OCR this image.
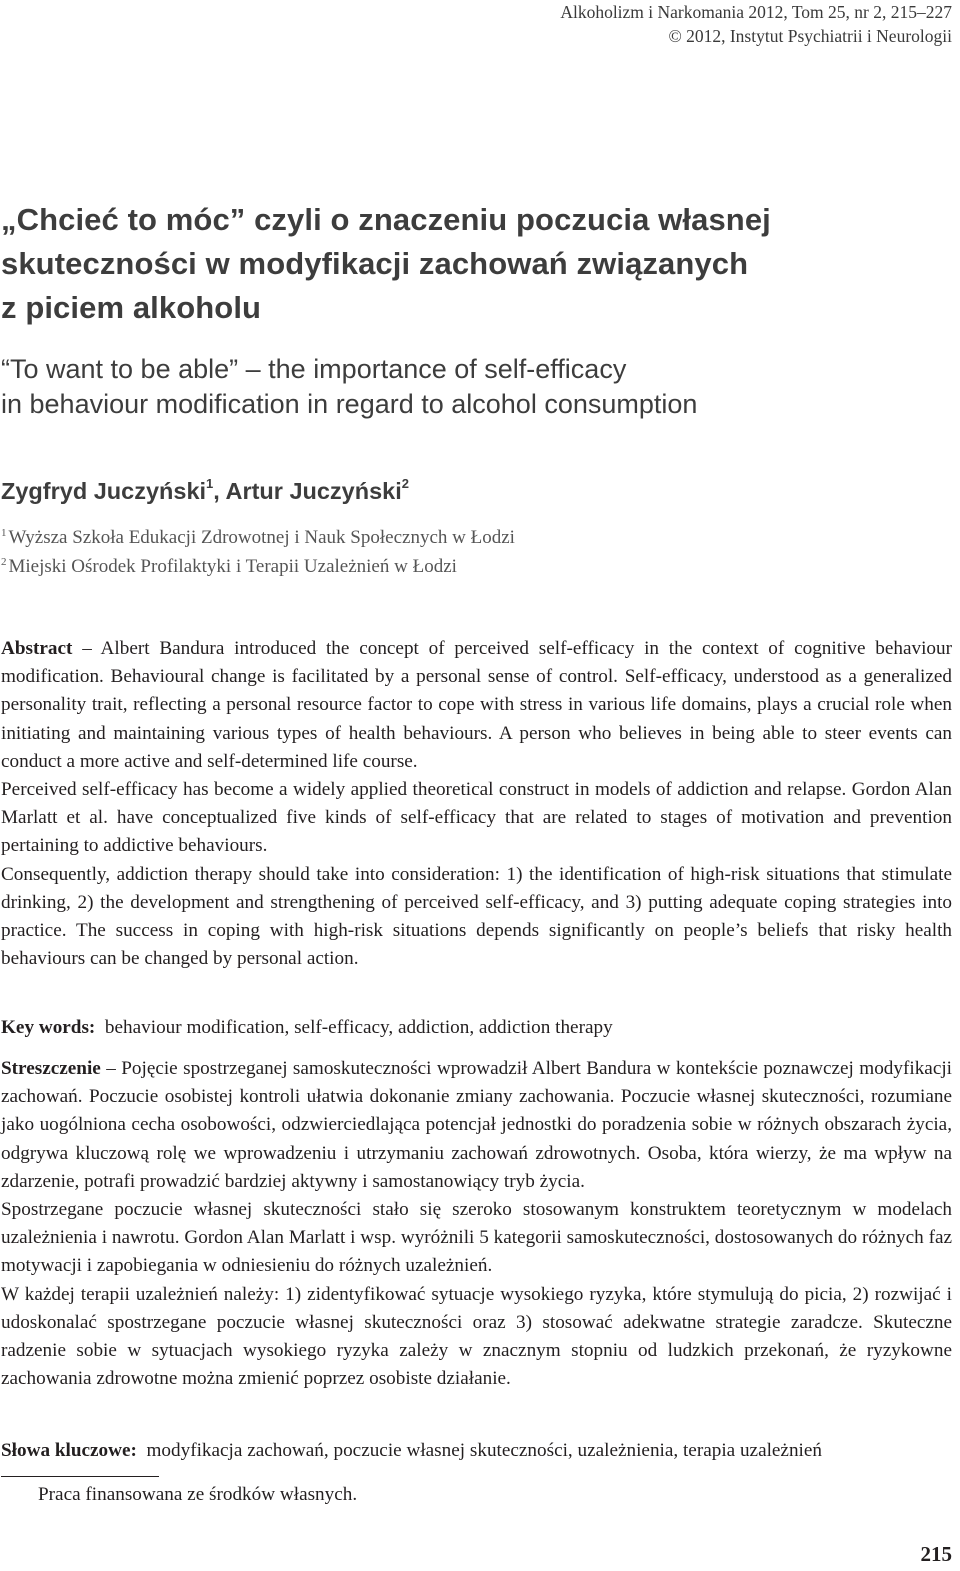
Alkoholizm i Narkomania 2012, Tom 25, nr 2, 215–227
© 2012, Instytut Psychiatrii i Neurologii
„Chcieć to móc” czyli o znaczeniu poczucia własnej
skuteczności w modyfikacji zachowań związanych
z piciem alkoholu
“To want to be able” – the importance of self-efficacy
in behaviour modification in regard to alcohol consumption
Zygfryd Juczyński$^1$, Artur Juczyński$^2$
$^1$ Wyższa Szkoła Edukacji Zdrowotnej i Nauk Społecznych w Łodzi
$^2$ Miejski Ośrodek Profilaktyki i Terapii Uzależnień w Łodzi

Abstract – Albert Bandura introduced the concept of perceived self-efficacy in the context of cognitive behaviour modification. Behavioural change is facilitated by a personal sense of control. Self-efficacy, understood as a generalized personality trait, reflecting a personal resource factor to cope with stress in various life domains, plays a crucial role when initiating and maintaining various types of health behaviours. A person who believes in being able to steer events can conduct a more active and self-determined life course.

Perceived self-efficacy has become a widely applied theoretical construct in models of addiction and relapse. Gordon Alan Marlatt et al. have conceptualized five kinds of self-efficacy that are related to stages of motivation and prevention pertaining to addictive behaviours.

Consequently, addiction therapy should take into consideration: 1) the identification of high-risk situations that stimulate drinking, 2) the development and strengthening of perceived self-efficacy, and 3) putting adequate coping strategies into practice. The success in coping with high-risk situations depends significantly on people’s beliefs that risky health behaviours can be changed by personal action.

Key words: behaviour modification, self-efficacy, addiction, addiction therapy

Streszczenie – Pojęcie spostrzeganej samoskuteczności wprowadził Albert Bandura w kontekście poznawczej modyfikacji zachowań. Poczucie osobistej kontroli ułatwia dokonanie zmiany zachowania. Poczucie własnej skuteczności, rozumiane jako uogólniona cecha osobowości, odzwierciedlająca potencjał jednostki do poradzenia sobie w różnych obszarach życia, odgrywa kluczową rolę we wprowadzeniu i utrzymaniu zachowań zdrowotnych. Osoba, która wierzy, że ma wpływ na zdarzenie, potrafi prowadzić bardziej aktywny i samostanowiący tryb życia.

Spostrzegane poczucie własnej skuteczności stało się szeroko stosowanym konstruktem teoretycznym w modelach uzależnienia i nawrotu. Gordon Alan Marlatt i wsp. wyróżnili 5 kategorii samoskuteczności, dostosowanych do różnych faz motywacji i zapobiegania w odniesieniu do różnych uzależnień.

W każdej terapii uzależnień należy: 1) zidentyfikować sytuacje wysokiego ryzyka, które stymulują do picia, 2) rozwijać i udoskonalać spostrzegane poczucie własnej skuteczności oraz 3) stosować adekwatne strategie zaradcze. Skuteczne radzenie sobie w sytuacjach wysokiego ryzyka zależy w znacznym stopniu od ludzkich przekonań, że ryzykowne zachowania zdrowotne można zmienić poprzez osobiste działanie.

Słowa kluczowe: modyfikacja zachowań, poczucie własnej skuteczności, uzależnienia, terapia uzależnień

Praca finansowana ze środków własnych.
215
